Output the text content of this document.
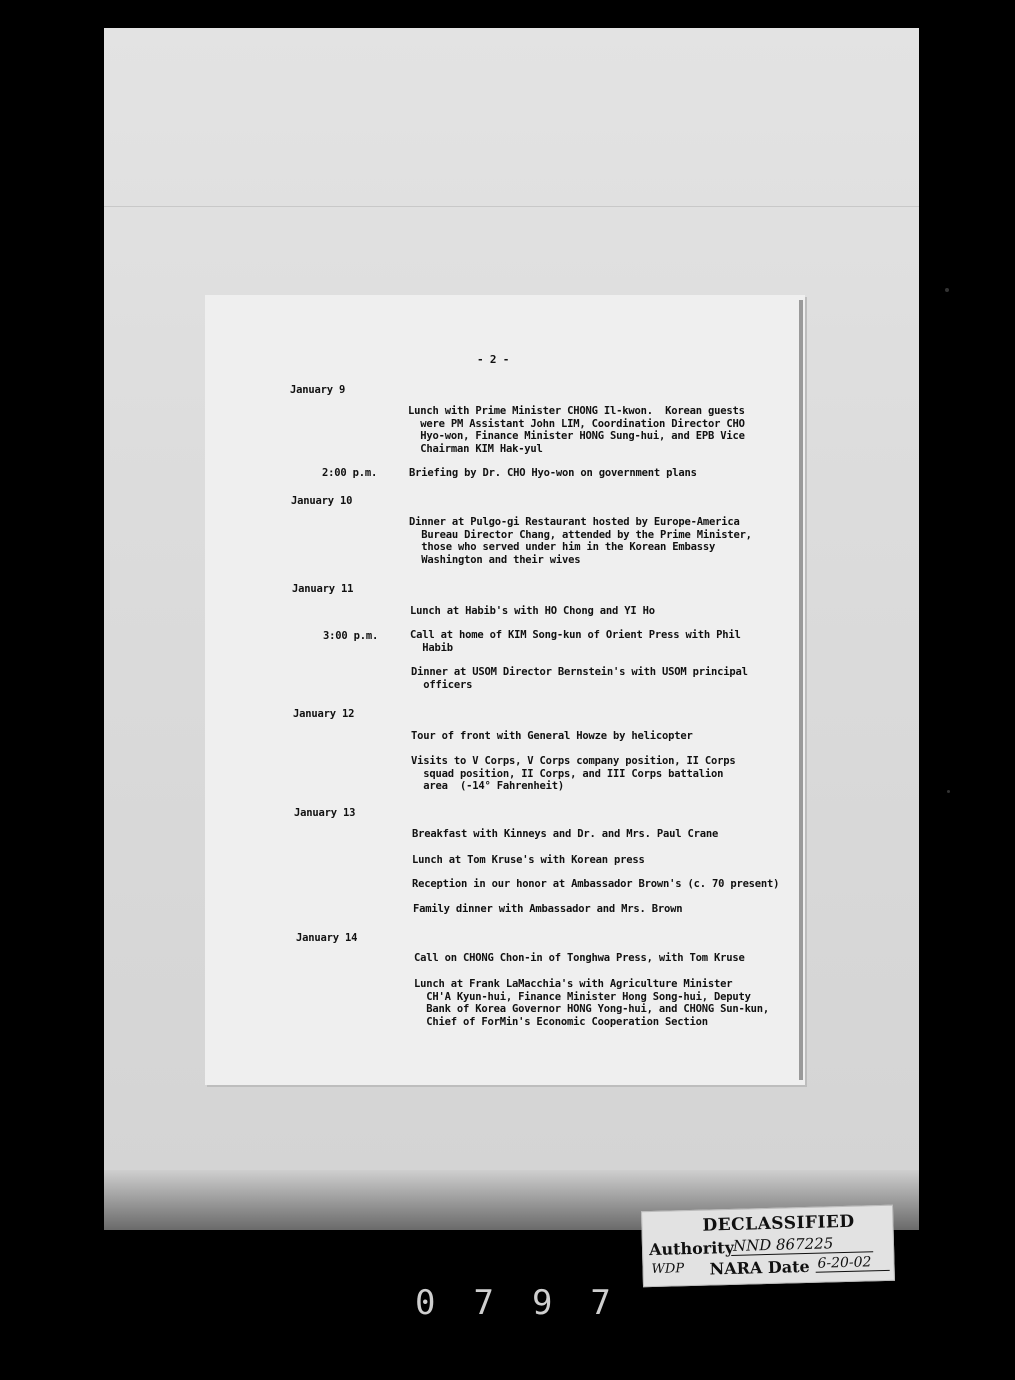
- 2 -
January 9
Lunch with Prime Minister CHONG Il-kwon.  Korean guests
were PM Assistant John LIM, Coordination Director CHO
Hyo-won, Finance Minister HONG Sung-hui, and EPB Vice
Chairman KIM Hak-yul
2:00 p.m.	Briefing by Dr. CHO Hyo-won on government plans
January 10
Dinner at Pulgo-gi Restaurant hosted by Europe-America
Bureau Director Chang, attended by the Prime Minister,
those who served under him in the Korean Embassy
Washington and their wives
January 11
Lunch at Habib's with HO Chong and YI Ho
3:00 p.m.	Call at home of KIM Song-kun of Orient Press with Phil
Habib
Dinner at USOM Director Bernstein's with USOM principal
officers
January 12
Tour of front with General Howze by helicopter
Visits to V Corps, V Corps company position, II Corps
squad position, II Corps, and III Corps battalion
area  (-14° Fahrenheit)
January 13
Breakfast with Kinneys and Dr. and Mrs. Paul Crane
Lunch at Tom Kruse's with Korean press
Reception in our honor at Ambassador Brown's (c. 70 present)
Family dinner with Ambassador and Mrs. Brown
January 14
Call on CHONG Chon-in of Tonghwa Press, with Tom Kruse
Lunch at Frank LaMacchia's with Agriculture Minister
CH'A Kyun-hui, Finance Minister Hong Song-hui, Deputy
Bank of Korea Governor HONG Yong-hui, and CHONG Sun-kun,
Chief of ForMin's Economic Cooperation Section
DECLASSIFIED
Authority
NND 867225
WDP NARA Date 6-20-02
0797
